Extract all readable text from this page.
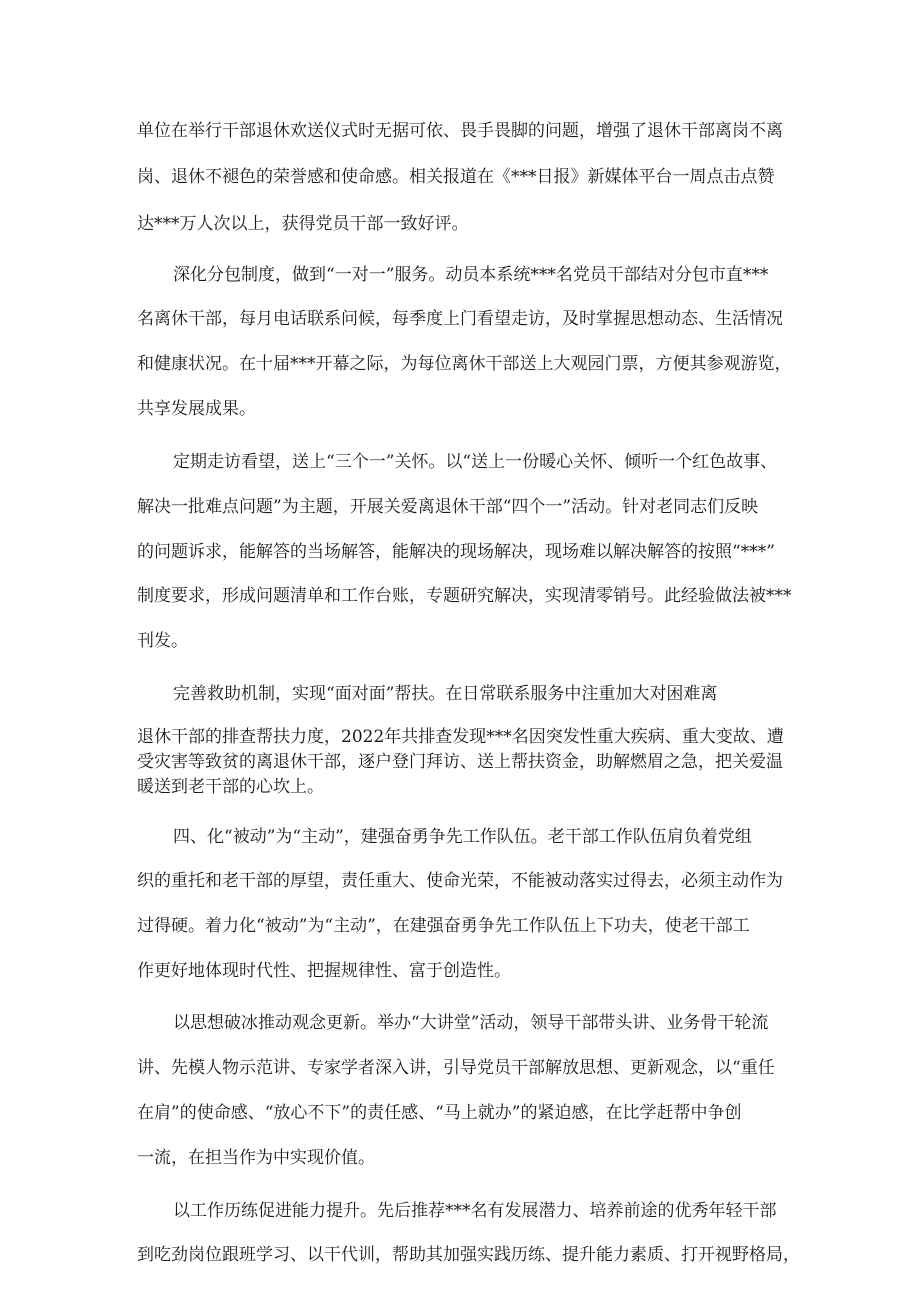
单位在举行干部退休欢送仪式时无据可依、畏手畏脚的问题，增强了退休干部离岗不离

岗、退休不褪色的荣誉感和使命感。相关报道在《***日报》新媒体平台一周点击点赞

达***万人次以上，获得党员干部一致好评。

深化分包制度，做到“一对一”服务。动员本系统***名党员干部结对分包市直***

名离休干部，每月电话联系问候，每季度上门看望走访，及时掌握思想动态、生活情况

和健康状况。在十届***开幕之际，为每位离休干部送上大观园门票，方便其参观游览，

共享发展成果。

定期走访看望，送上“三个一”关怀。以“送上一份暖心关怀、倾听一个红色故事、

解决一批难点问题”为主题，开展关爱离退休干部“四个一”活动。针对老同志们反映

的问题诉求，能解答的当场解答，能解决的现场解决，现场难以解决解答的按照“***”

制度要求，形成问题清单和工作台账，专题研究解决，实现清零销号。此经验做法被***

刊发。

完善救助机制，实现“面对面”帮扶。在日常联系服务中注重加大对困难离

退休干部的排查帮扶力度，2022年共排查发现***名因突发性重大疾病、重大变故、遭

受灾害等致贫的离退休干部，逐户登门拜访、送上帮扶资金，助解燃眉之急，把关爱温

暖送到老干部的心坎上。

四、化“被动”为“主动”，建强奋勇争先工作队伍。老干部工作队伍肩负着党组

织的重托和老干部的厚望，责任重大、使命光荣，不能被动落实过得去，必须主动作为

过得硬。着力化“被动”为“主动”，在建强奋勇争先工作队伍上下功夫，使老干部工

作更好地体现时代性、把握规律性、富于创造性。

以思想破冰推动观念更新。举办“大讲堂”活动，领导干部带头讲、业务骨干轮流

讲、先模人物示范讲、专家学者深入讲，引导党员干部解放思想、更新观念，以“重任

在肩”的使命感、“放心不下”的责任感、“马上就办”的紧迫感，在比学赶帮中争创

一流，在担当作为中实现价值。

以工作历练促进能力提升。先后推荐***名有发展潜力、培养前途的优秀年轻干部

到吃劲岗位跟班学习、以干代训，帮助其加强实践历练、提升能力素质、打开视野格局，
